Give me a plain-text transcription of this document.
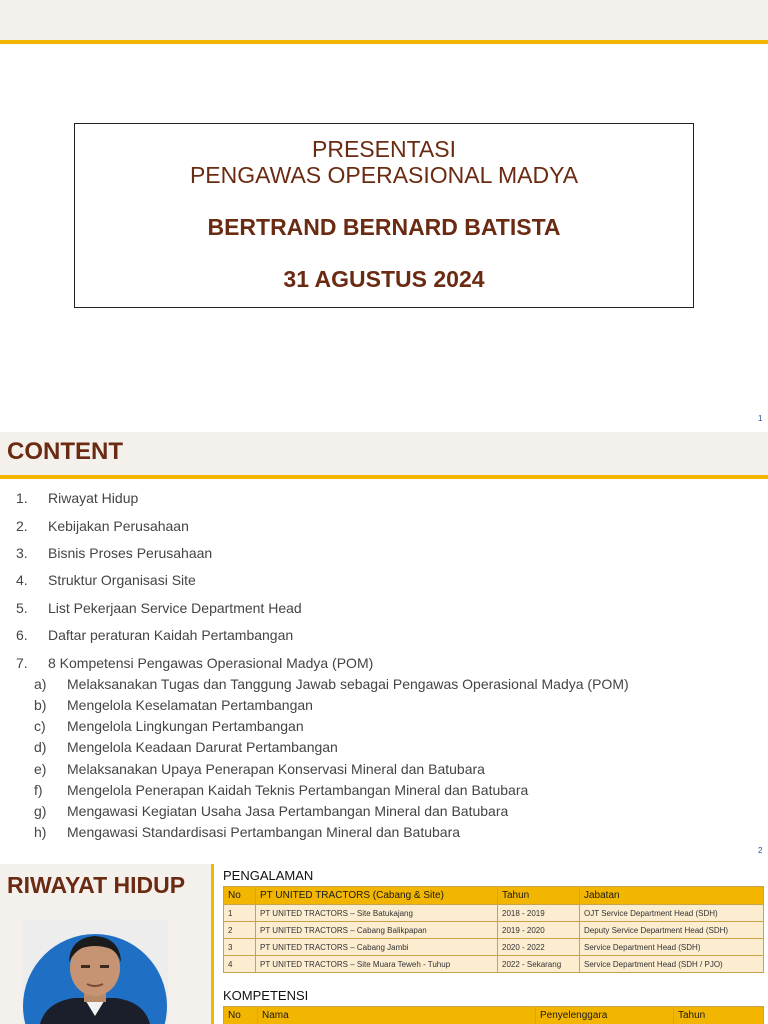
PRESENTASI
PENGAWAS OPERASIONAL MADYA
BERTRAND BERNARD BATISTA
31 AGUSTUS 2024
1
CONTENT
1.	Riwayat Hidup
2.	Kebijakan Perusahaan
3.	Bisnis Proses Perusahaan
4.	Struktur Organisasi Site
5.	List Pekerjaan Service Department Head
6.	Daftar peraturan Kaidah Pertambangan
7.	8 Kompetensi Pengawas Operasional Madya (POM)
a)	Melaksanakan Tugas dan Tanggung Jawab sebagai Pengawas Operasional Madya (POM)
b)	Mengelola Keselamatan Pertambangan
c)	Mengelola Lingkungan Pertambangan
d)	Mengelola Keadaan Darurat Pertambangan
e)	Melaksanakan Upaya Penerapan Konservasi Mineral dan Batubara
f)	Mengelola Penerapan Kaidah Teknis Pertambangan Mineral dan Batubara
g)	Mengawasi Kegiatan Usaha Jasa Pertambangan Mineral dan Batubara
h)	Mengawasi Standardisasi Pertambangan Mineral dan Batubara
2
RIWAYAT HIDUP	PENGALAMAN
No	PT UNITED TRACTORS (Cabang & Site)	Tahun	Jabatan
1	PT UNITED TRACTORS – Site Batukajang	2018 - 2019	OJT Service Department Head (SDH)
2	PT UNITED TRACTORS – Cabang Balikpapan	2019 - 2020	Deputy Service Department Head (SDH)
3	PT UNITED TRACTORS – Cabang Jambi	2020 - 2022	Service Department Head (SDH)
4	PT UNITED TRACTORS – Site Muara Teweh - Tuhup	2022 - Sekarang	Service Department Head (SDH / PJO)
KOMPETENSI
No	Nama	Penyelenggara	Tahun
